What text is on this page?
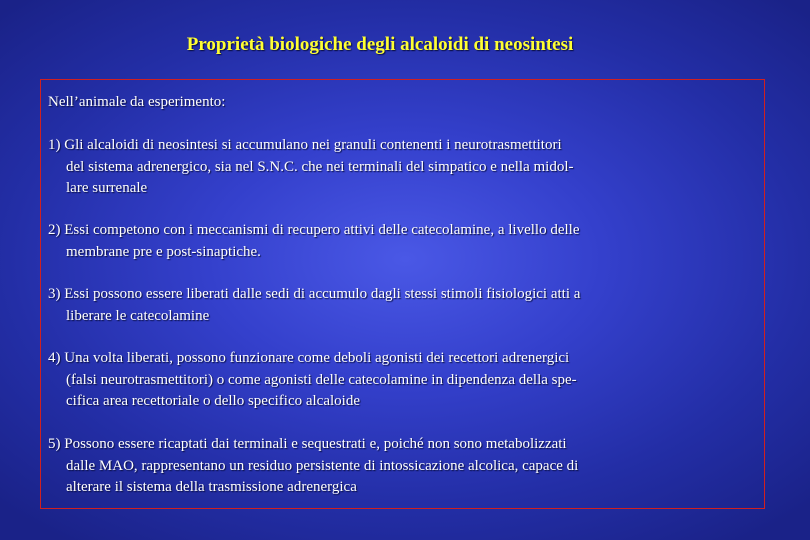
Proprietà biologiche degli alcaloidi di neosintesi
Nell’animale da esperimento:
1) Gli alcaloidi di neosintesi si accumulano nei granuli contenenti i neurotrasmettitori
del sistema adrenergico, sia nel S.N.C. che nei terminali del simpatico e nella midol-
lare surrenale
2) Essi competono con i meccanismi di recupero attivi delle catecolamine, a livello delle
membrane pre e post-sinaptiche.
3) Essi possono essere liberati dalle sedi di accumulo dagli stessi stimoli fisiologici atti a
liberare le catecolamine
4) Una volta liberati, possono funzionare come deboli agonisti dei recettori adrenergici
(falsi neurotrasmettitori) o come agonisti delle catecolamine in dipendenza della spe-
cifica area recettoriale o dello specifico alcaloide
5) Possono essere ricaptati dai terminali e sequestrati e, poiché non sono metabolizzati
dalle MAO, rappresentano un residuo persistente di intossicazione alcolica, capace di
alterare il sistema della trasmissione adrenergica
